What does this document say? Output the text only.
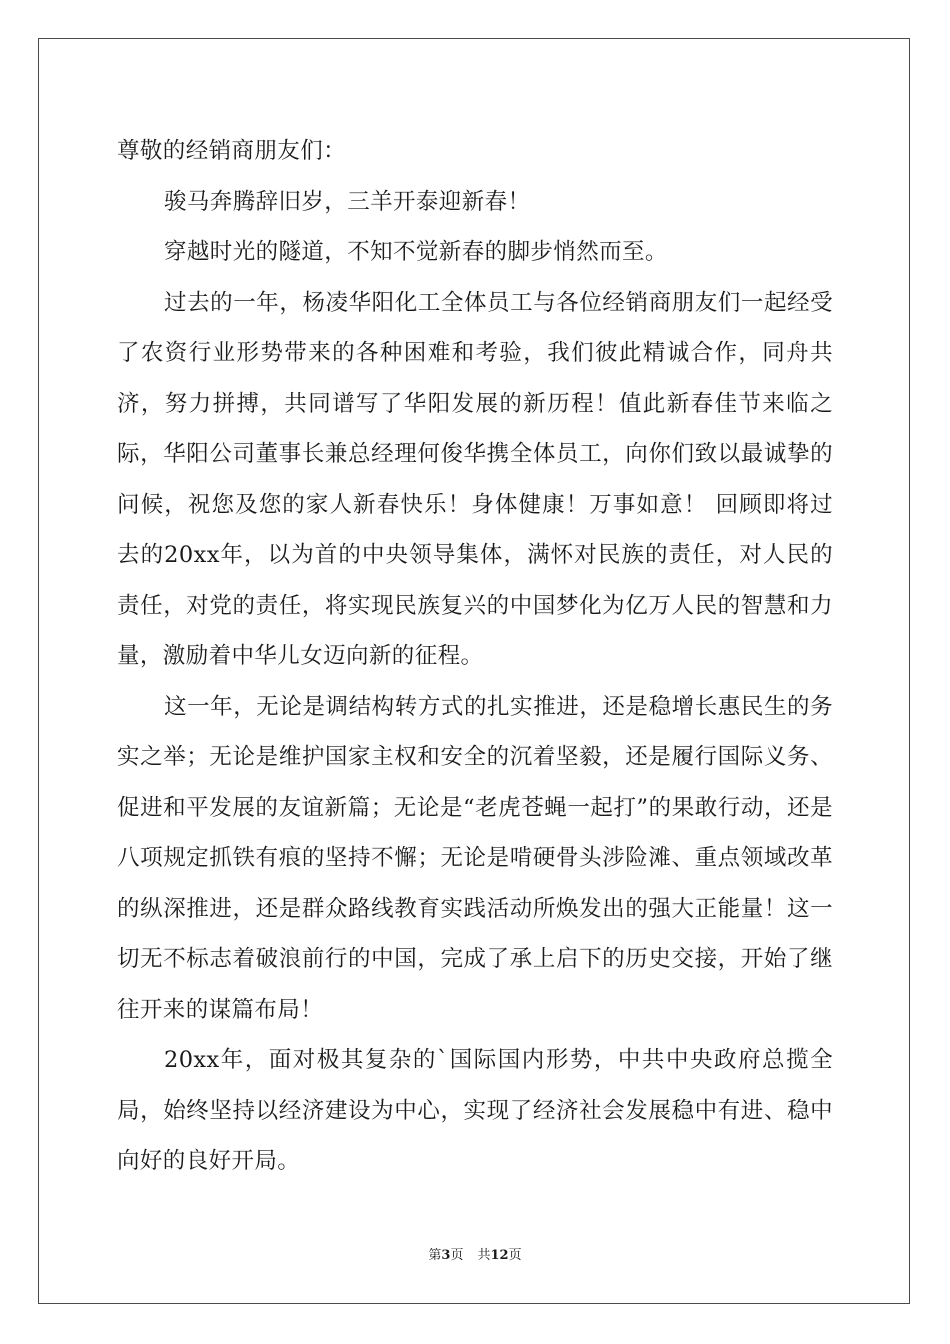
尊敬的经销商朋友们：

骏马奔腾辞旧岁，三羊开泰迎新春！

穿越时光的隧道，不知不觉新春的脚步悄然而至。

过去的一年，杨凌华阳化工全体员工与各位经销商朋友们一起经受了农资行业形势带来的各种困难和考验，我们彼此精诚合作，同舟共济，努力拼搏，共同谱写了华阳发展的新历程！值此新春佳节来临之际，华阳公司董事长兼总经理何俊华携全体员工，向你们致以最诚挚的问候，祝您及您的家人新春快乐！身体健康！万事如意！ 回顾即将过去的20xx年，以为首的中央领导集体，满怀对民族的责任，对人民的责任，对党的责任，将实现民族复兴的中国梦化为亿万人民的智慧和力量，激励着中华儿女迈向新的征程。

这一年，无论是调结构转方式的扎实推进，还是稳增长惠民生的务实之举；无论是维护国家主权和安全的沉着坚毅，还是履行国际义务、促进和平发展的友谊新篇；无论是“老虎苍蝇一起打”的果敢行动，还是八项规定抓铁有痕的坚持不懈；无论是啃硬骨头涉险滩、重点领域改革的纵深推进，还是群众路线教育实践活动所焕发出的强大正能量！这一切无不标志着破浪前行的中国，完成了承上启下的历史交接，开始了继往开来的谋篇布局！

20xx年，面对极其复杂的`国际国内形势，中共中央政府总揽全局，始终坚持以经济建设为中心，实现了经济社会发展稳中有进、稳中向好的良好开局。

第3页 共12页
